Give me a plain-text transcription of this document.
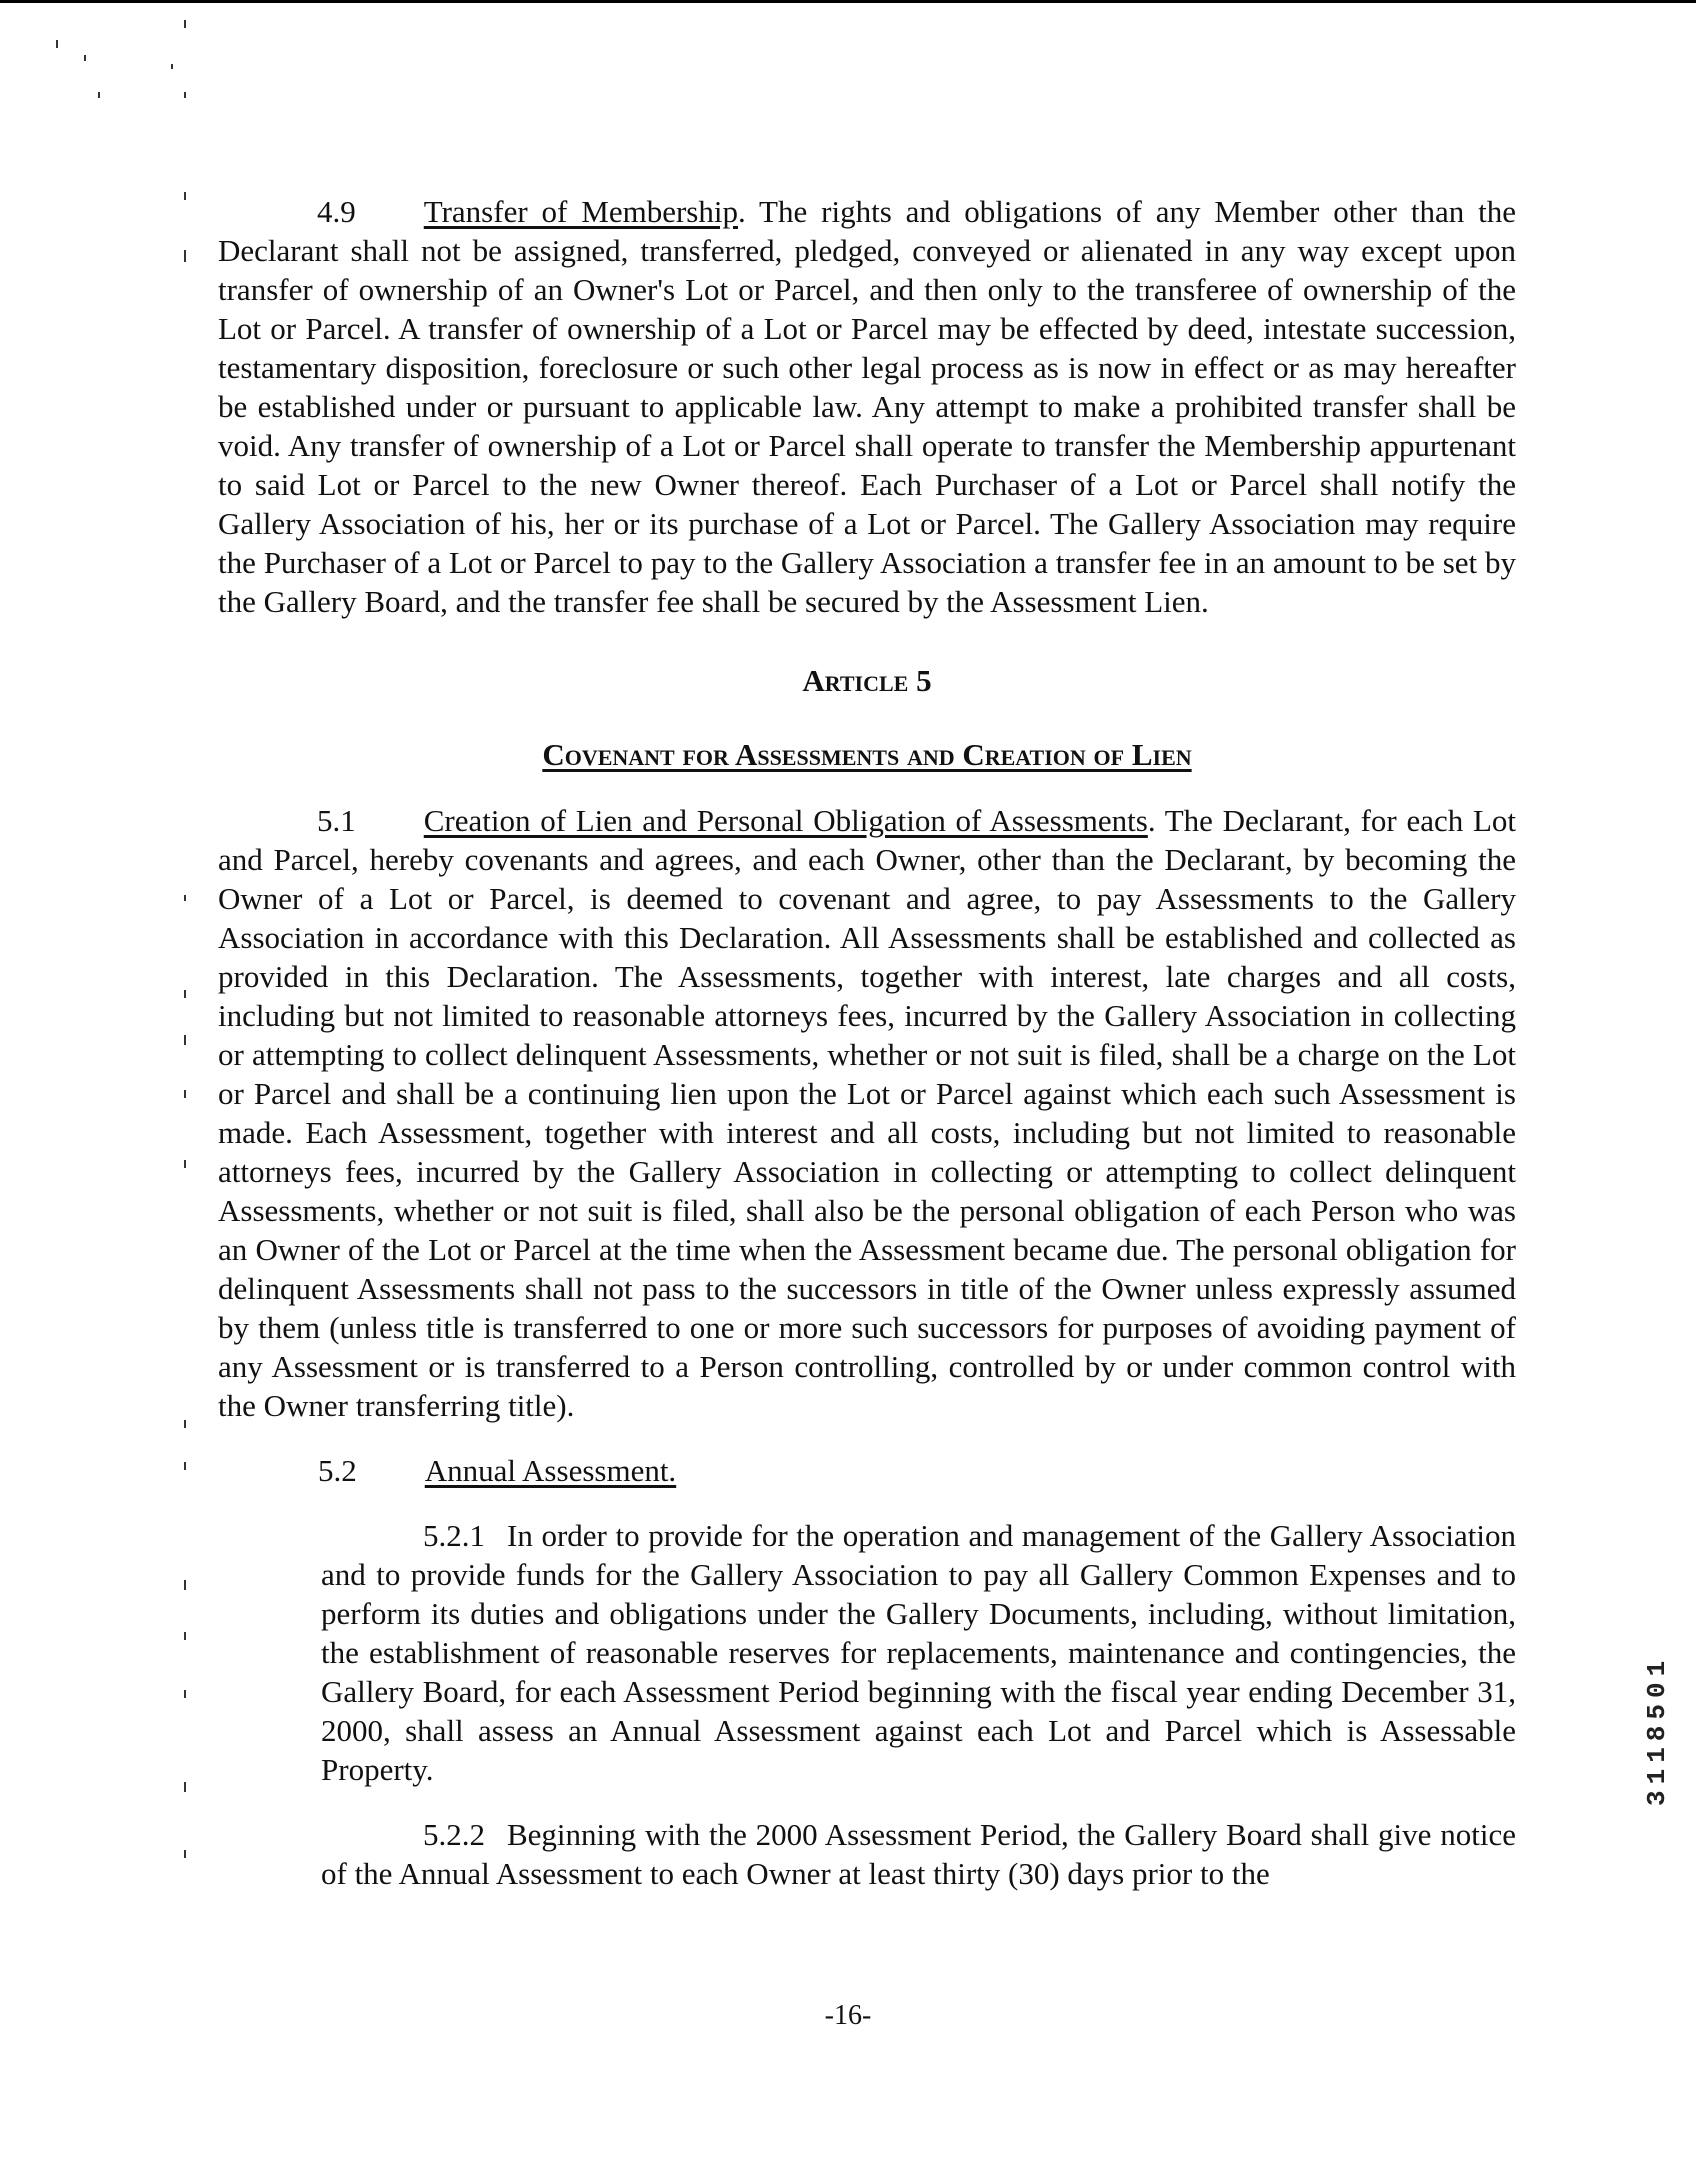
4.9 Transfer of Membership. The rights and obligations of any Member other than the Declarant shall not be assigned, transferred, pledged, conveyed or alienated in any way except upon transfer of ownership of an Owner's Lot or Parcel, and then only to the transferee of ownership of the Lot or Parcel. A transfer of ownership of a Lot or Parcel may be effected by deed, intestate succession, testamentary disposition, foreclosure or such other legal process as is now in effect or as may hereafter be established under or pursuant to applicable law. Any attempt to make a prohibited transfer shall be void. Any transfer of ownership of a Lot or Parcel shall operate to transfer the Membership appurtenant to said Lot or Parcel to the new Owner thereof. Each Purchaser of a Lot or Parcel shall notify the Gallery Association of his, her or its purchase of a Lot or Parcel. The Gallery Association may require the Purchaser of a Lot or Parcel to pay to the Gallery Association a transfer fee in an amount to be set by the Gallery Board, and the transfer fee shall be secured by the Assessment Lien.

Article 5

Covenant for Assessments and Creation of Lien

5.1 Creation of Lien and Personal Obligation of Assessments. The Declarant, for each Lot and Parcel, hereby covenants and agrees, and each Owner, other than the Declarant, by becoming the Owner of a Lot or Parcel, is deemed to covenant and agree, to pay Assessments to the Gallery Association in accordance with this Declaration. All Assessments shall be established and collected as provided in this Declaration. The Assessments, together with interest, late charges and all costs, including but not limited to reasonable attorneys fees, incurred by the Gallery Association in collecting or attempting to collect delinquent Assessments, whether or not suit is filed, shall be a charge on the Lot or Parcel and shall be a continuing lien upon the Lot or Parcel against which each such Assessment is made. Each Assessment, together with interest and all costs, including but not limited to reasonable attorneys fees, incurred by the Gallery Association in collecting or attempting to collect delinquent Assessments, whether or not suit is filed, shall also be the personal obligation of each Person who was an Owner of the Lot or Parcel at the time when the Assessment became due. The personal obligation for delinquent Assessments shall not pass to the successors in title of the Owner unless expressly assumed by them (unless title is transferred to one or more such successors for purposes of avoiding payment of any Assessment or is transferred to a Person controlling, controlled by or under common control with the Owner transferring title).

5.2 Annual Assessment.

5.2.1 In order to provide for the operation and management of the Gallery Association and to provide funds for the Gallery Association to pay all Gallery Common Expenses and to perform its duties and obligations under the Gallery Documents, including, without limitation, the establishment of reasonable reserves for replacements, maintenance and contingencies, the Gallery Board, for each Assessment Period beginning with the fiscal year ending December 31, 2000, shall assess an Annual Assessment against each Lot and Parcel which is Assessable Property.

5.2.2 Beginning with the 2000 Assessment Period, the Gallery Board shall give notice of the Annual Assessment to each Owner at least thirty (30) days prior to the

-16-
3118501
